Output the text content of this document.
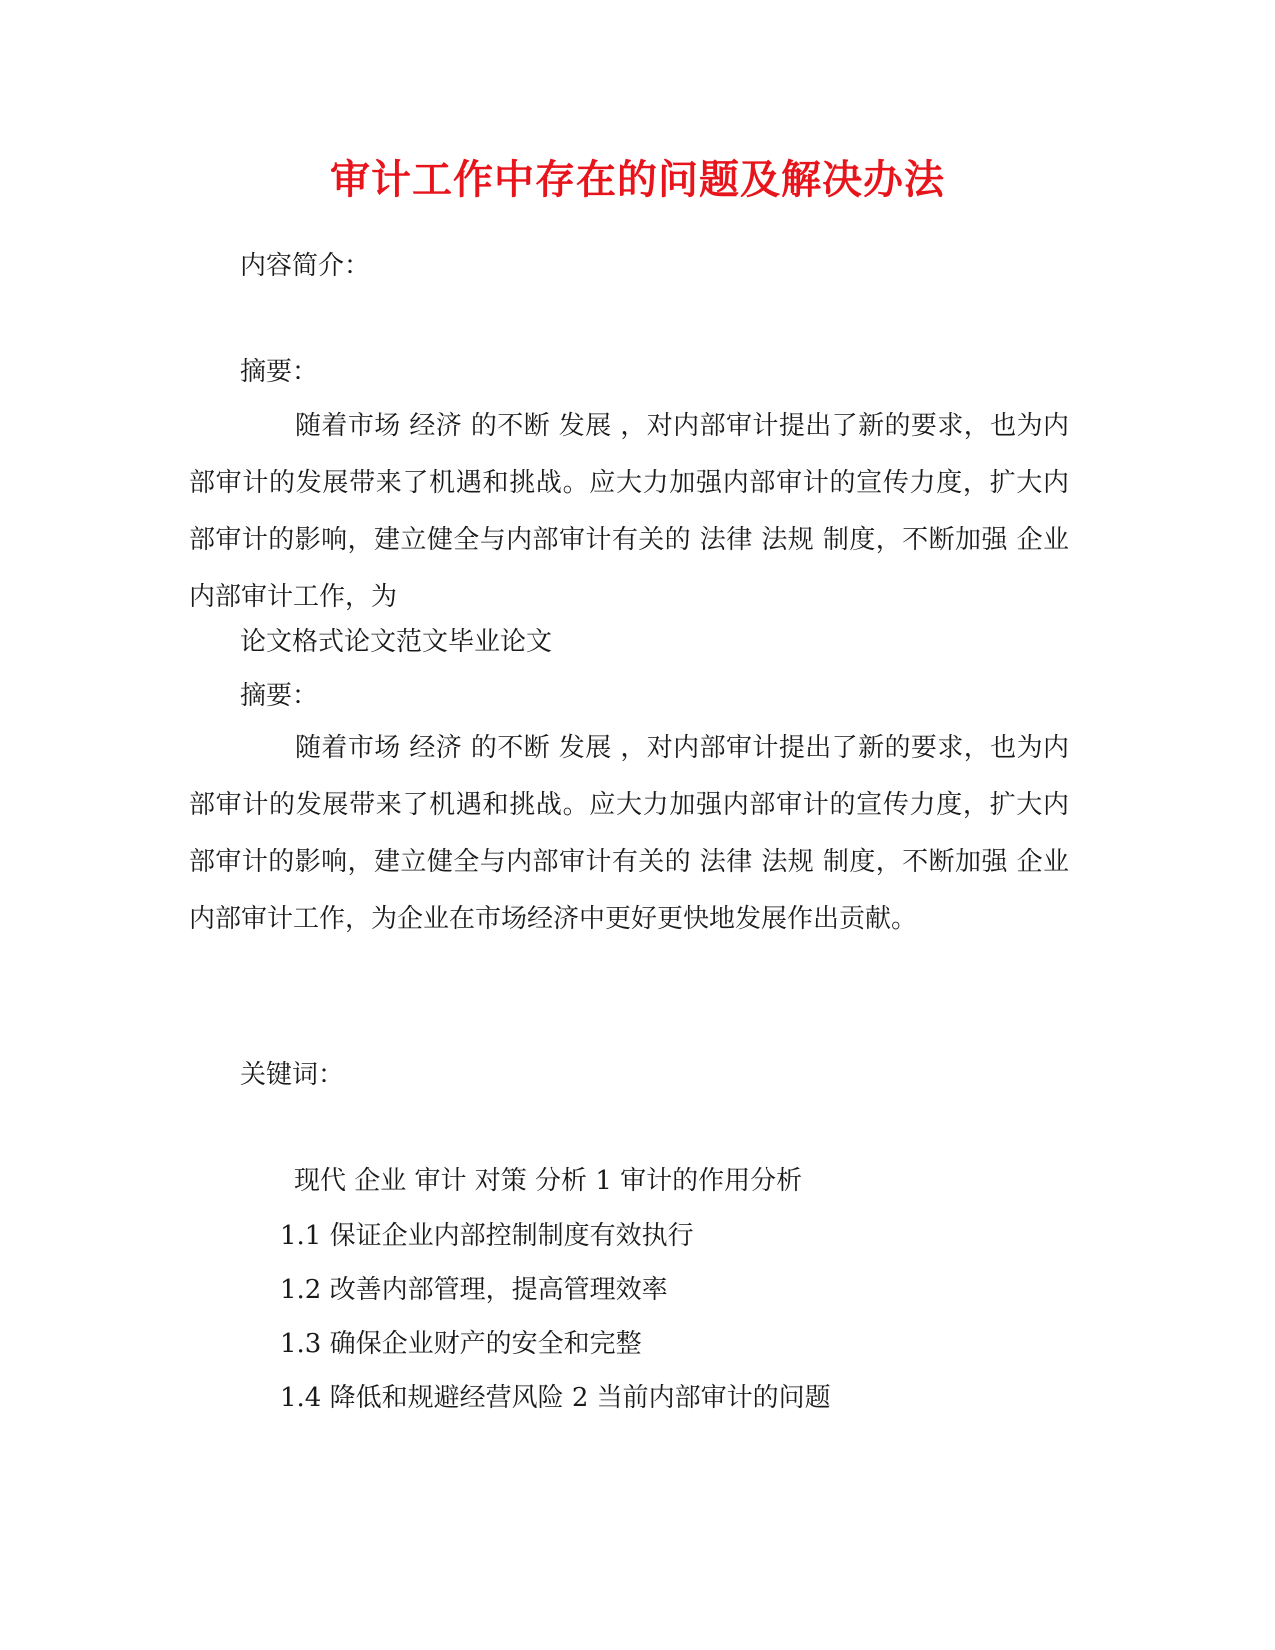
审计工作中存在的问题及解决办法
内容简介：
摘要：
随着市场 经济 的不断 发展 ，对内部审计提出了新的要求，也为内部审计的发展带来了机遇和挑战。应大力加强内部审计的宣传力度，扩大内部审计的影响，建立健全与内部审计有关的 法律 法规 制度，不断加强 企业 内部审计工作，为
论文格式论文范文毕业论文
摘要：
随着市场 经济 的不断 发展 ，对内部审计提出了新的要求，也为内部审计的发展带来了机遇和挑战。应大力加强内部审计的宣传力度，扩大内部审计的影响，建立健全与内部审计有关的 法律 法规 制度，不断加强 企业 内部审计工作，为企业在市场经济中更好更快地发展作出贡献。
关键词：
现代 企业 审计 对策 分析 1 审计的作用分析
1.1 保证企业内部控制制度有效执行
1.2 改善内部管理，提高管理效率
1.3 确保企业财产的安全和完整
1.4 降低和规避经营风险 2 当前内部审计的问题
